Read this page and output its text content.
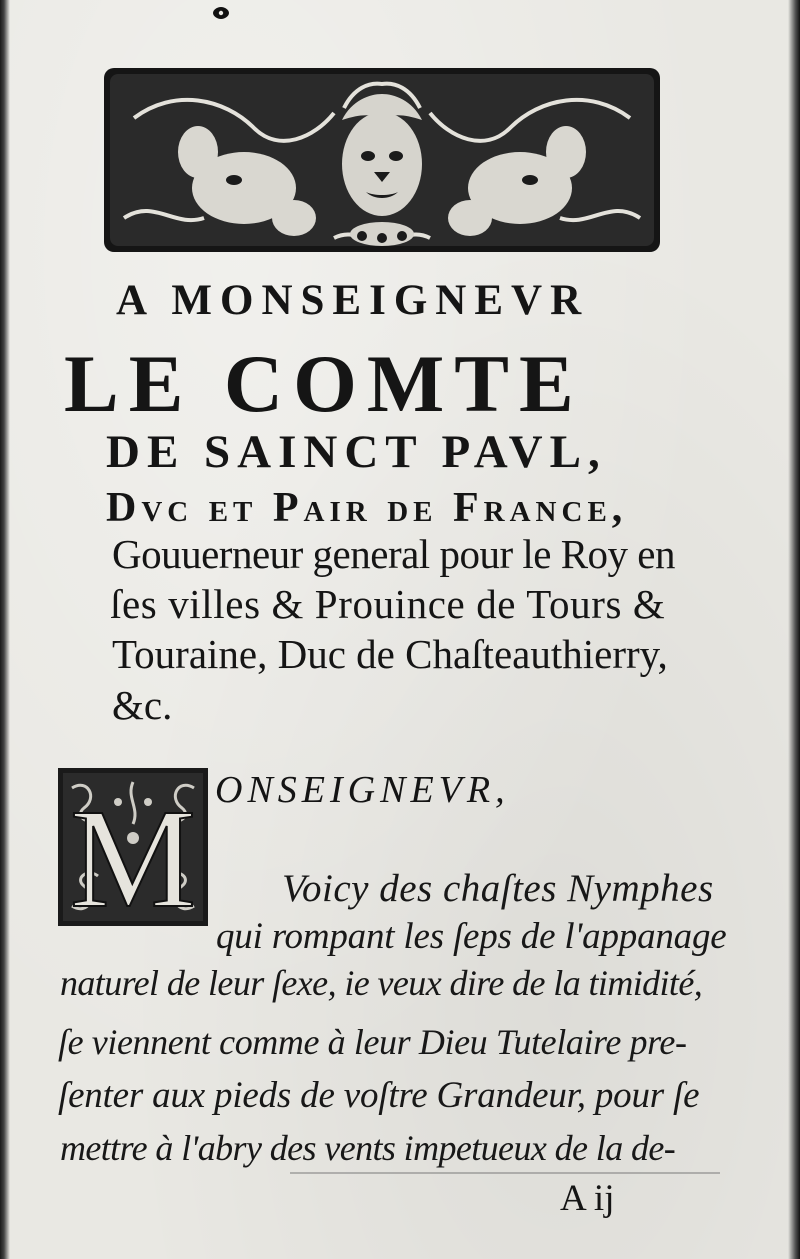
A MONSEIGNEVR
LE COMTE
DE SAINCT PAVL,
Dvc et Pair de France,

Gouuerneur general pour le Roy en

ſes villes & Prouince de Tours &

Touraine, Duc de Chaſteauthierry,

&c.

M ONSEIGNEVR,

Voicy des chaſtes Nymphes

qui rompant les ſeps de l'appanage

naturel de leur ſexe, ie veux dire de la timidité,

ſe viennent comme à leur Dieu Tutelaire pre-

ſenter aux pieds de voſtre Grandeur, pour ſe

mettre à l'abry des vents impetueux de la de-

A ij
